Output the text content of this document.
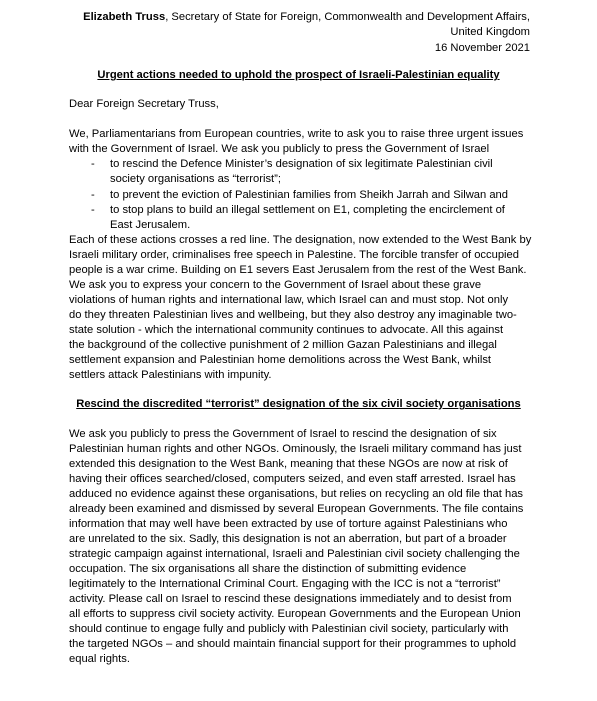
Elizabeth Truss, Secretary of State for Foreign, Commonwealth and Development Affairs,
United Kingdom
16 November 2021
Urgent actions needed to uphold the prospect of Israeli-Palestinian equality
Dear Foreign Secretary Truss,
We, Parliamentarians from European countries, write to ask you to raise three urgent issues
with the Government of Israel. We ask you publicly to press the Government of Israel
- to rescind the Defence Minister’s designation of six legitimate Palestinian civil
society organisations as “terrorist”;
- to prevent the eviction of Palestinian families from Sheikh Jarrah and Silwan and
- to stop plans to build an illegal settlement on E1, completing the encirclement of
East Jerusalem.
Each of these actions crosses a red line. The designation, now extended to the West Bank by
Israeli military order, criminalises free speech in Palestine. The forcible transfer of occupied
people is a war crime. Building on E1 severs East Jerusalem from the rest of the West Bank.
We ask you to express your concern to the Government of Israel about these grave
violations of human rights and international law, which Israel can and must stop. Not only
do they threaten Palestinian lives and wellbeing, but they also destroy any imaginable two-
state solution - which the international community continues to advocate. All this against
the background of the collective punishment of 2 million Gazan Palestinians and illegal
settlement expansion and Palestinian home demolitions across the West Bank, whilst
settlers attack Palestinians with impunity.
Rescind the discredited “terrorist” designation of the six civil society organisations
We ask you publicly to press the Government of Israel to rescind the designation of six
Palestinian human rights and other NGOs. Ominously, the Israeli military command has just
extended this designation to the West Bank, meaning that these NGOs are now at risk of
having their offices searched/closed, computers seized, and even staff arrested. Israel has
adduced no evidence against these organisations, but relies on recycling an old file that has
already been examined and dismissed by several European Governments. The file contains
information that may well have been extracted by use of torture against Palestinians who
are unrelated to the six. Sadly, this designation is not an aberration, but part of a broader
strategic campaign against international, Israeli and Palestinian civil society challenging the
occupation. The six organisations all share the distinction of submitting evidence
legitimately to the International Criminal Court. Engaging with the ICC is not a “terrorist”
activity. Please call on Israel to rescind these designations immediately and to desist from
all efforts to suppress civil society activity. European Governments and the European Union
should continue to engage fully and publicly with Palestinian civil society, particularly with
the targeted NGOs – and should maintain financial support for their programmes to uphold
equal rights.
